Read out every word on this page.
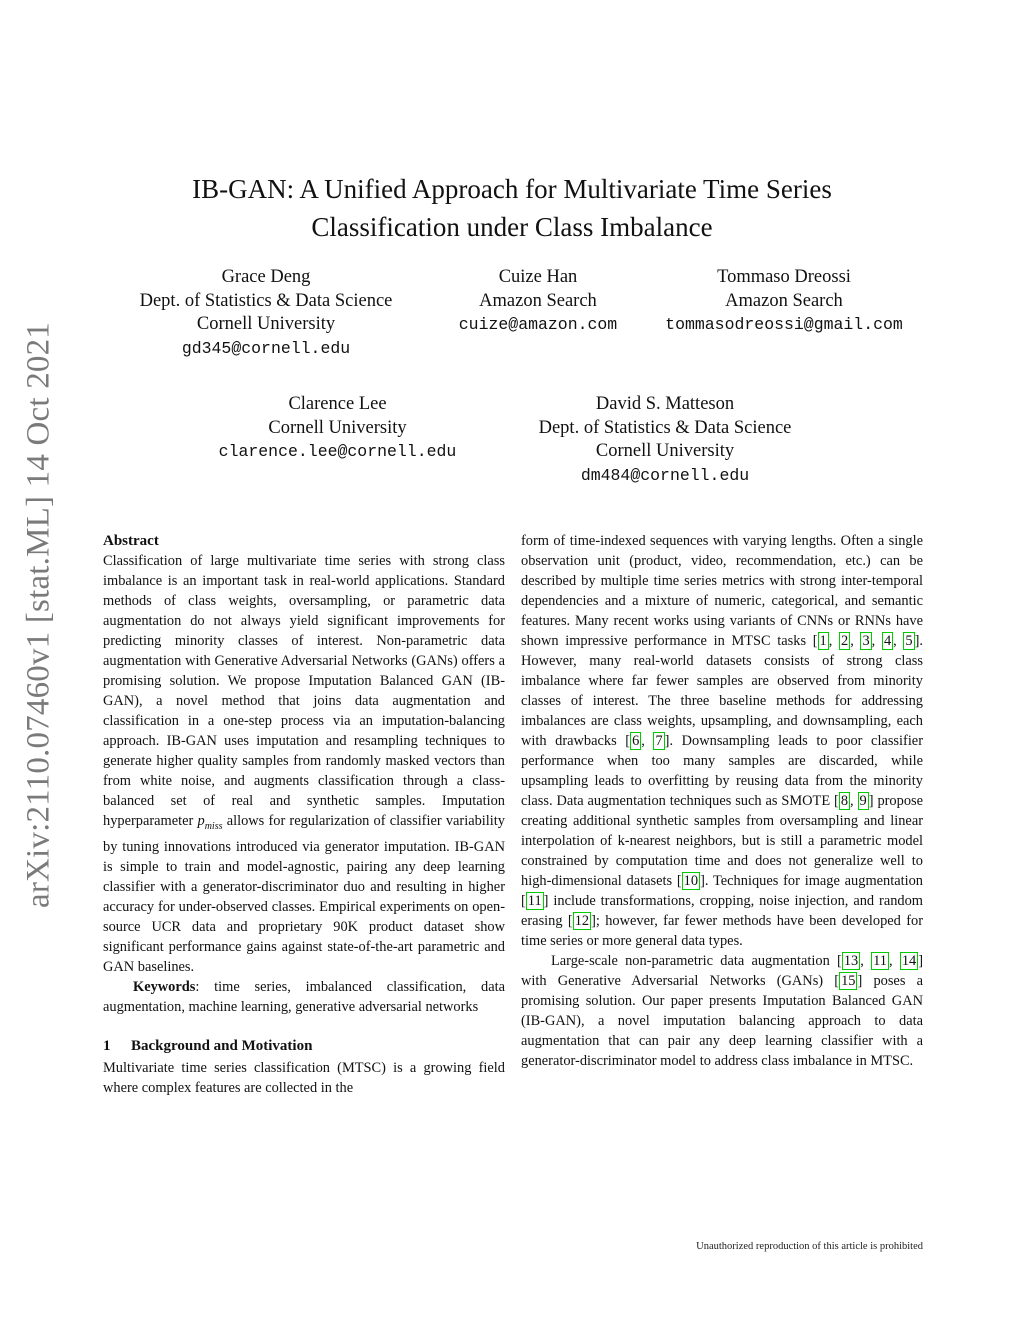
arXiv:2110.07460v1 [stat.ML] 14 Oct 2021
IB-GAN: A Unified Approach for Multivariate Time Series
Classification under Class Imbalance
Grace Deng
Dept. of Statistics & Data Science
Cornell University
gd345@cornell.edu
Cuize Han
Amazon Search
cuize@amazon.com
Tommaso Dreossi
Amazon Search
tommasodreossi@gmail.com
Clarence Lee
Cornell University
clarence.lee@cornell.edu
David S. Matteson
Dept. of Statistics & Data Science
Cornell University
dm484@cornell.edu

Abstract

Classification of large multivariate time series with strong class imbalance is an important task in real-world applications. Standard methods of class weights, oversampling, or parametric data augmentation do not always yield significant improvements for predicting minority classes of interest. Non-parametric data augmentation with Generative Adversarial Networks (GANs) offers a promising solution. We propose Imputation Balanced GAN (IB-GAN), a novel method that joins data augmentation and classification in a one-step process via an imputation-balancing approach. IB-GAN uses imputation and resampling techniques to generate higher quality samples from randomly masked vectors than from white noise, and augments classification through a class-balanced set of real and synthetic samples. Imputation hyperparameter $p_{miss}$ allows for regularization of classifier variability by tuning innovations introduced via generator imputation. IB-GAN is simple to train and model-agnostic, pairing any deep learning classifier with a generator-discriminator duo and resulting in higher accuracy for under-observed classes. Empirical experiments on open-source UCR data and proprietary 90K product dataset show significant performance gains against state-of-the-art parametric and GAN baselines.

Keywords: time series, imbalanced classification, data augmentation, machine learning, generative adversarial networks

1 Background and Motivation

Multivariate time series classification (MTSC) is a growing field where complex features are collected in the

form of time-indexed sequences with varying lengths. Often a single observation unit (product, video, recommendation, etc.) can be described by multiple time series metrics with strong inter-temporal dependencies and a mixture of numeric, categorical, and semantic features. Many recent works using variants of CNNs or RNNs have shown impressive performance in MTSC tasks [ 1 , 2 , 3 , 4 , 5 ]. However, many real-world datasets consists of strong class imbalance where far fewer samples are observed from minority classes of interest. The three baseline methods for addressing imbalances are class weights, upsampling, and downsampling, each with drawbacks [ 6 , 7 ]. Downsampling leads to poor classifier performance when too many samples are discarded, while upsampling leads to overfitting by reusing data from the minority class. Data augmentation techniques such as SMOTE [ 8 , 9 ] propose creating additional synthetic samples from oversampling and linear interpolation of k-nearest neighbors, but is still a parametric model constrained by computation time and does not generalize well to high-dimensional datasets [ 10 ]. Techniques for image augmentation [ 11 ] include transformations, cropping, noise injection, and random erasing [ 12 ]; however, far fewer methods have been developed for time series or more general data types.

Large-scale non-parametric data augmentation [ 13 , 11 , 14 ] with Generative Adversarial Networks (GANs) [ 15 ] poses a promising solution. Our paper presents Imputation Balanced GAN (IB-GAN), a novel imputation balancing approach to data augmentation that can pair any deep learning classifier with a generator-discriminator model to address class imbalance in MTSC.

Unauthorized reproduction of this article is prohibited
